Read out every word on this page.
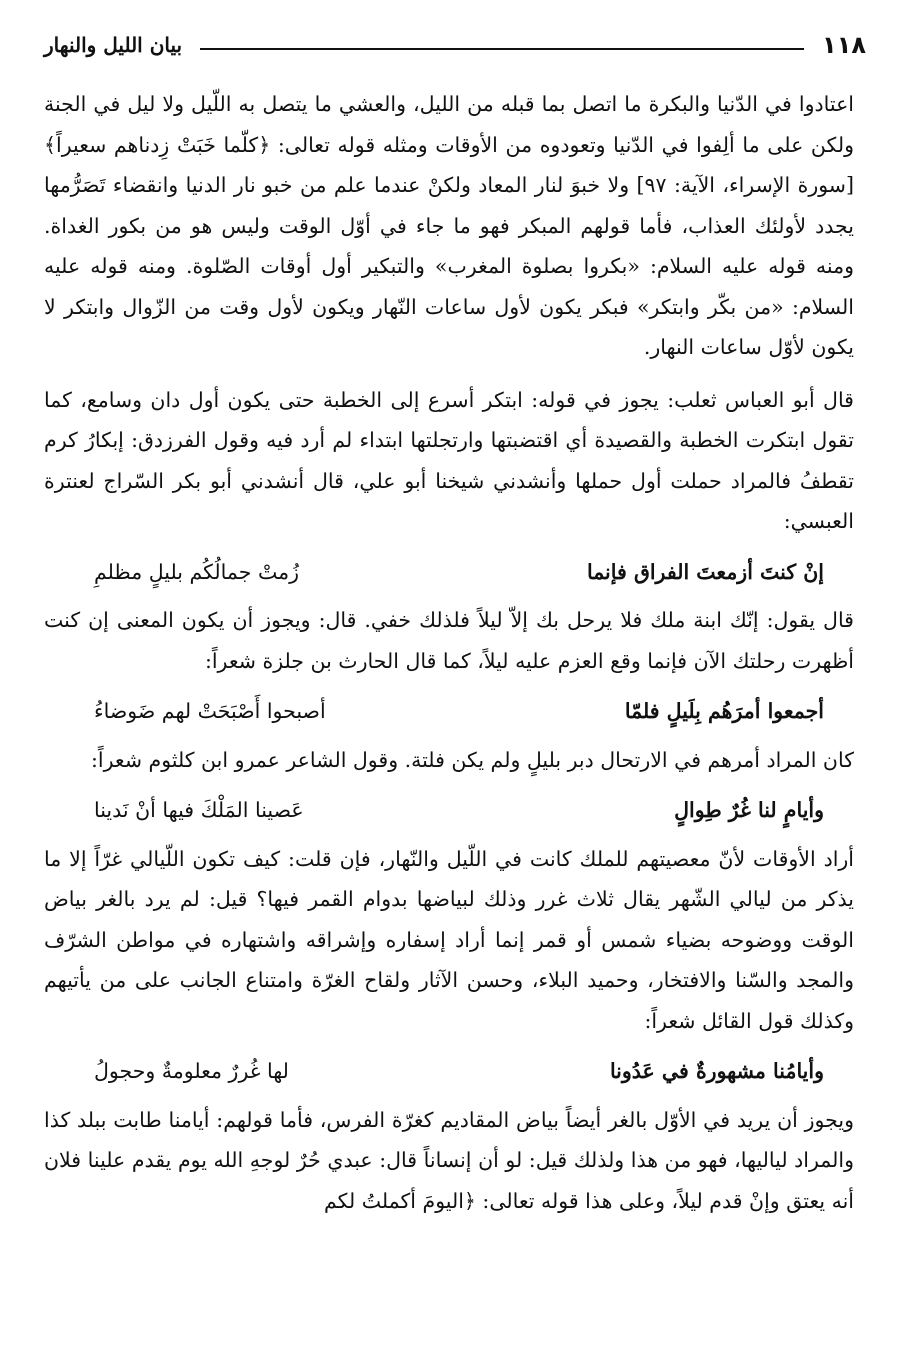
١١٨
بيان الليل والنهار

اعتادوا في الدّنيا والبكرة ما اتصل بما قبله من الليل، والعشي ما يتصل به اللّيل ولا ليل في الجنة ولكن على ما ألِفوا في الدّنيا وتعودوه من الأوقات ومثله قوله تعالى: ﴿كلّما خَبَتْ زِدناهم سعيراً﴾ [سورة الإسراء، الآية: ٩٧] ولا خبوَ لنار المعاد ولكنْ عندما علم من خبو نار الدنيا وانقضاء تَصَرُّمها يجدد لأولئك العذاب، فأما قولهم المبكر فهو ما جاء في أوّل الوقت وليس هو من بكور الغداة. ومنه قوله عليه السلام: «بكروا بصلوة المغرب» والتبكير أول أوقات الصّلوة. ومنه قوله عليه السلام: «من بكّر وابتكر» فبكر يكون لأول ساعات النّهار ويكون لأول وقت من الزّوال وابتكر لا يكون لأوّل ساعات النهار.

قال أبو العباس ثعلب: يجوز في قوله: ابتكر أسرع إلى الخطبة حتى يكون أول دان وسامع، كما تقول ابتكرت الخطبة والقصيدة أي اقتضبتها وارتجلتها ابتداء لم أرد فيه وقول الفرزدق: إبكارُ كرم تقطفُ فالمراد حملت أول حملها وأنشدني شيخنا أبو علي، قال أنشدني أبو بكر السّراج لعنترة العبسي:

إنْ كنتَ أزمعتَ الفراق فإنما
زُمتْ جمالُكُم بليلٍ مظلمِ

قال يقول: إنّك ابنة ملك فلا يرحل بك إلاّ ليلاً فلذلك خفي. قال: ويجوز أن يكون المعنى إن كنت أظهرت رحلتك الآن فإنما وقع العزم عليه ليلاً، كما قال الحارث بن جلزة شعراً:

أجمعوا أمرَهُم بِلَيلٍ فلمّا
أصبحوا أَصْبَحَتْ لهم ضَوضاءُ

كان المراد أمرهم في الارتحال دبر بليلٍ ولم يكن فلتة. وقول الشاعر عمرو ابن كلثوم شعراً:

وأيامٍ لنا غُرٌ طِوالٍ
عَصينا المَلْكَ فيها أنْ نَدينا

أراد الأوقات لأنّ معصيتهم للملك كانت في اللّيل والنّهار، فإن قلت: كيف تكون اللّيالي غرّاً إلا ما يذكر من ليالي الشّهر يقال ثلاث غرر وذلك لبياضها بدوام القمر فيها؟ قيل: لم يرد بالغر بياض الوقت ووضوحه بضياء شمس أو قمر إنما أراد إسفاره وإشراقه واشتهاره في مواطن الشرّف والمجد والسّنا والافتخار، وحميد البلاء، وحسن الآثار ولقاح الغرّة وامتناع الجانب على من يأتيهم وكذلك قول القائل شعراً:

وأيامُنا مشهورةٌ في عَدُونا
لها غُررٌ معلومةٌ وحجولُ

ويجوز أن يريد في الأوّل بالغر أيضاً بياض المقاديم كغرّة الفرس، فأما قولهم: أيامنا طابت ببلد كذا والمراد لياليها، فهو من هذا ولذلك قيل: لو أن إنساناً قال: عبدي حُرٌ لوجهِ الله يوم يقدم علينا فلان أنه يعتق وإنْ قدم ليلاً، وعلى هذا قوله تعالى: ﴿اليومَ أكملتُ لكم
